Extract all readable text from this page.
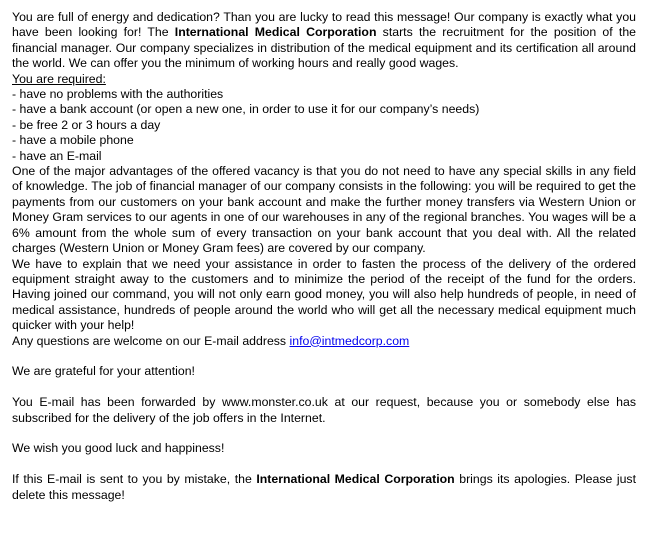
You are full of energy and dedication? Than you are lucky to read this message! Our company is exactly what you have been looking for! The International Medical Corporation starts the recruitment for the position of the financial manager. Our company specializes in distribution of the medical equipment and its certification all around the world. We can offer you the minimum of working hours and really good wages.
You are required:
- have no problems with the authorities
- have a bank account (or open a new one, in order to use it for our company’s needs)
- be free 2 or 3 hours a day
- have a mobile phone
- have an E-mail
One of the major advantages of the offered vacancy is that you do not need to have any special skills in any field of knowledge. The job of financial manager of our company consists in the following: you will be required to get the payments from our customers on your bank account and make the further money transfers via Western Union or Money Gram services to our agents in one of our warehouses in any of the regional branches. You wages will be a 6% amount from the whole sum of every transaction on your bank account that you deal with. All the related charges (Western Union or Money Gram fees) are covered by our company.
We have to explain that we need your assistance in order to fasten the process of the delivery of the ordered equipment straight away to the customers and to minimize the period of the receipt of the fund for the orders. Having joined our command, you will not only earn good money, you will also help hundreds of people, in need of medical assistance, hundreds of people around the world who will get all the necessary medical equipment much quicker with your help!
Any questions are welcome on our E-mail address info@intmedcorp.com
We are grateful for your attention!
You E-mail has been forwarded by www.monster.co.uk at our request, because you or somebody else has subscribed for the delivery of the job offers in the Internet.
We wish you good luck and happiness!
If this E-mail is sent to you by mistake, the International Medical Corporation brings its apologies. Please just delete this message!
